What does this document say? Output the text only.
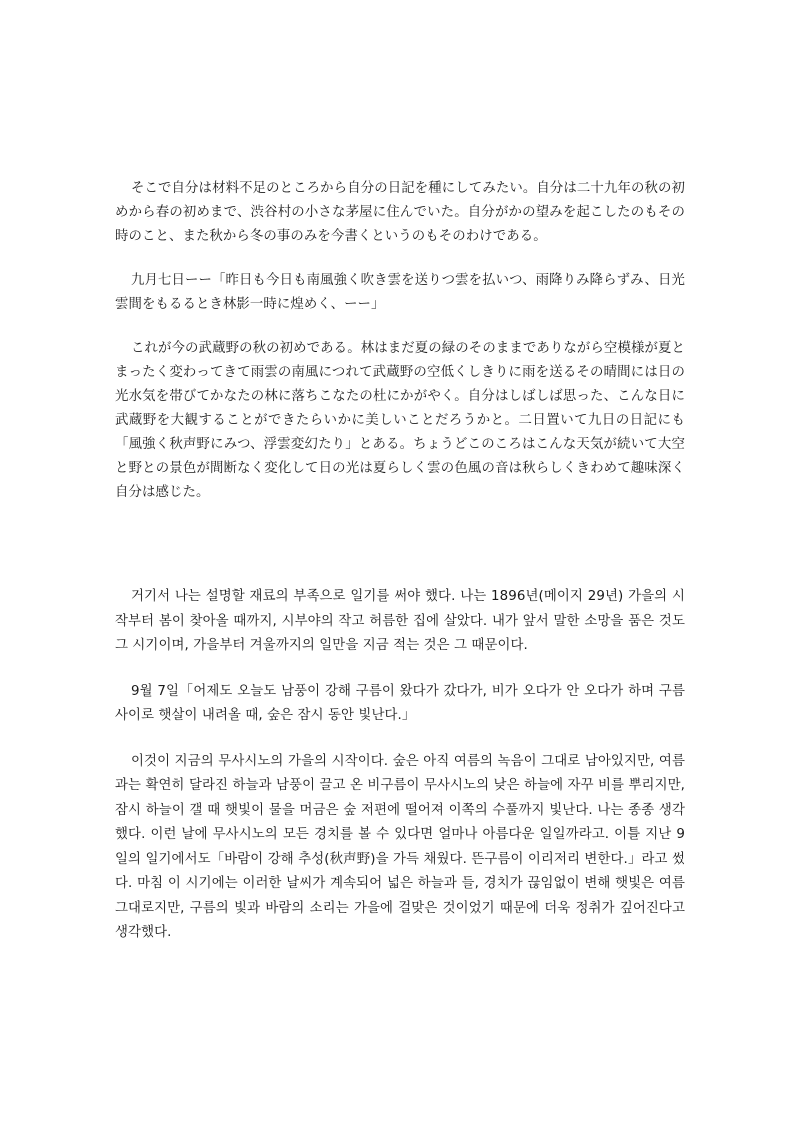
そこで自分は材料不足のところから自分の日記を種にしてみたい。自分は二十九年の秋の初めから春の初めまで、渋谷村の小さな茅屋に住んでいた。自分がかの望みを起こしたのもその時のこと、また秋から冬の事のみを今書くというのもそのわけである。

九月七日ーー「昨日も今日も南風強く吹き雲を送りつ雲を払いつ、雨降りみ降らずみ、日光雲間をもるるとき林影一時に煌めく、ーー」

これが今の武蔵野の秋の初めである。林はまだ夏の緑のそのままでありながら空模様が夏とまったく変わってきて雨雲の南風につれて武蔵野の空低くしきりに雨を送るその晴間には日の光水気を帯びてかなたの林に落ちこなたの杜にかがやく。自分はしばしば思った、こんな日に武蔵野を大観することができたらいかに美しいことだろうかと。二日置いて九日の日記にも「風強く秋声野にみつ、浮雲変幻たり」とある。ちょうどこのころはこんな天気が続いて大空と野との景色が間断なく変化して日の光は夏らしく雲の色風の音は秋らしくきわめて趣味深く自分は感じた。

거기서 나는 설명할 재료의 부족으로 일기를 써야 했다. 나는 1896년(메이지 29년) 가을의 시작부터 봄이 찾아올 때까지, 시부야의 작고 허름한 집에 살았다. 내가 앞서 말한 소망을 품은 것도 그 시기이며, 가을부터 겨울까지의 일만을 지금 적는 것은 그 때문이다.

9월 7일「어제도 오늘도 남풍이 강해 구름이 왔다가 갔다가, 비가 오다가 안 오다가 하며 구름 사이로 햇살이 내려올 때, 숲은 잠시 동안 빛난다.」

이것이 지금의 무사시노의 가을의 시작이다. 숲은 아직 여름의 녹음이 그대로 남아있지만, 여름과는 확연히 달라진 하늘과 남풍이 끌고 온 비구름이 무사시노의 낮은 하늘에 자꾸 비를 뿌리지만, 잠시 하늘이 갤 때 햇빛이 물을 머금은 숲 저편에 떨어져 이쪽의 수풀까지 빛난다. 나는 종종 생각했다. 이런 날에 무사시노의 모든 경치를 볼 수 있다면 얼마나 아름다운 일일까라고. 이틀 지난 9일의 일기에서도「바람이 강해 추성(秋声野)을 가득 채웠다. 뜬구름이 이리저리 변한다.」라고 썼다. 마침 이 시기에는 이러한 날씨가 계속되어 넓은 하늘과 들, 경치가 끊임없이 변해 햇빛은 여름 그대로지만, 구름의 빛과 바람의 소리는 가을에 걸맞은 것이었기 때문에 더욱 정취가 깊어진다고 생각했다.
